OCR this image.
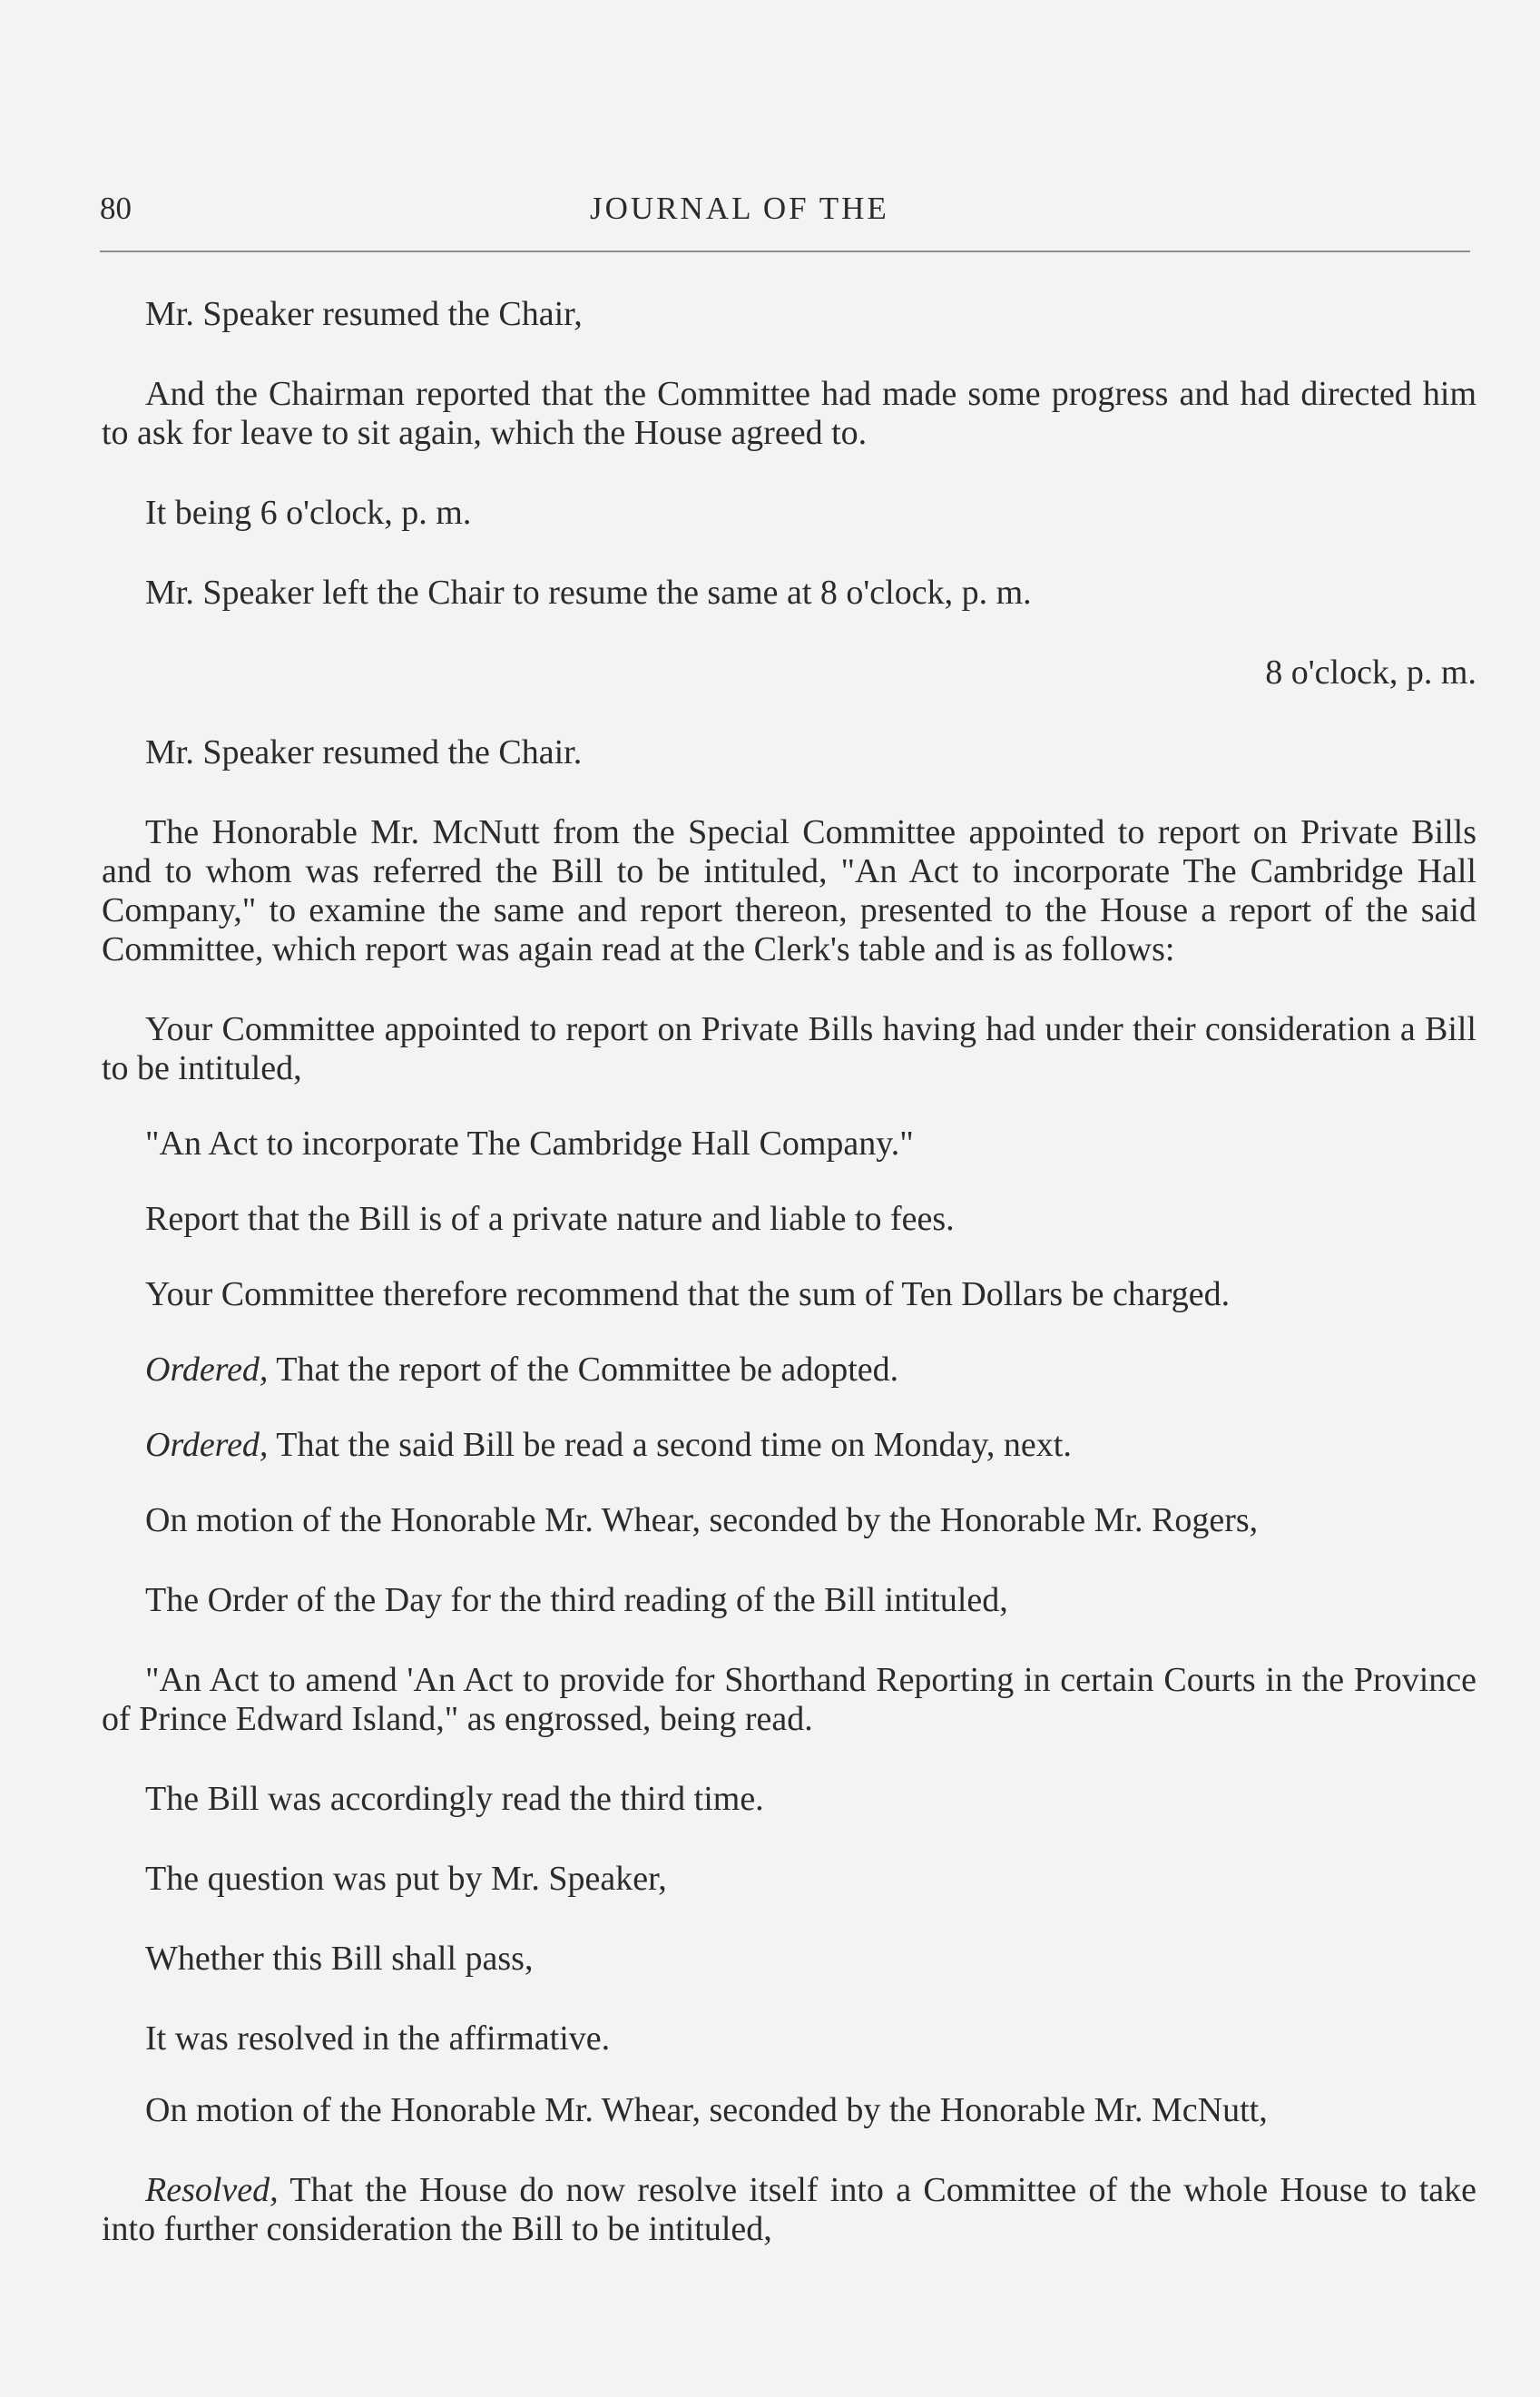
80	JOURNAL OF THE

Mr. Speaker resumed the Chair,

And the Chairman reported that the Committee had made some progress and had directed him to ask for leave to sit again, which the House agreed to.

It being 6 o'clock, p. m.

Mr. Speaker left the Chair to resume the same at 8 o'clock, p. m.

8 o'clock, p. m.

Mr. Speaker resumed the Chair.

The Honorable Mr. McNutt from the Special Committee appointed to report on Private Bills and to whom was referred the Bill to be intituled, "An Act to incorporate The Cambridge Hall Company," to examine the same and report thereon, presented to the House a report of the said Committee, which report was again read at the Clerk's table and is as follows:

Your Committee appointed to report on Private Bills having had under their consideration a Bill to be intituled,

"An Act to incorporate The Cambridge Hall Company."

Report that the Bill is of a private nature and liable to fees.

Your Committee therefore recommend that the sum of Ten Dollars be charged.

Ordered, That the report of the Committee be adopted.

Ordered, That the said Bill be read a second time on Monday, next.

On motion of the Honorable Mr. Whear, seconded by the Honorable Mr. Rogers,

The Order of the Day for the third reading of the Bill intituled,

"An Act to amend 'An Act to provide for Shorthand Reporting in certain Courts in the Province of Prince Edward Island," as engrossed, being read.

The Bill was accordingly read the third time.

The question was put by Mr. Speaker,

Whether this Bill shall pass,

It was resolved in the affirmative.

On motion of the Honorable Mr. Whear, seconded by the Honorable Mr. McNutt,

Resolved, That the House do now resolve itself into a Committee of the whole House to take into further consideration the Bill to be intituled,
